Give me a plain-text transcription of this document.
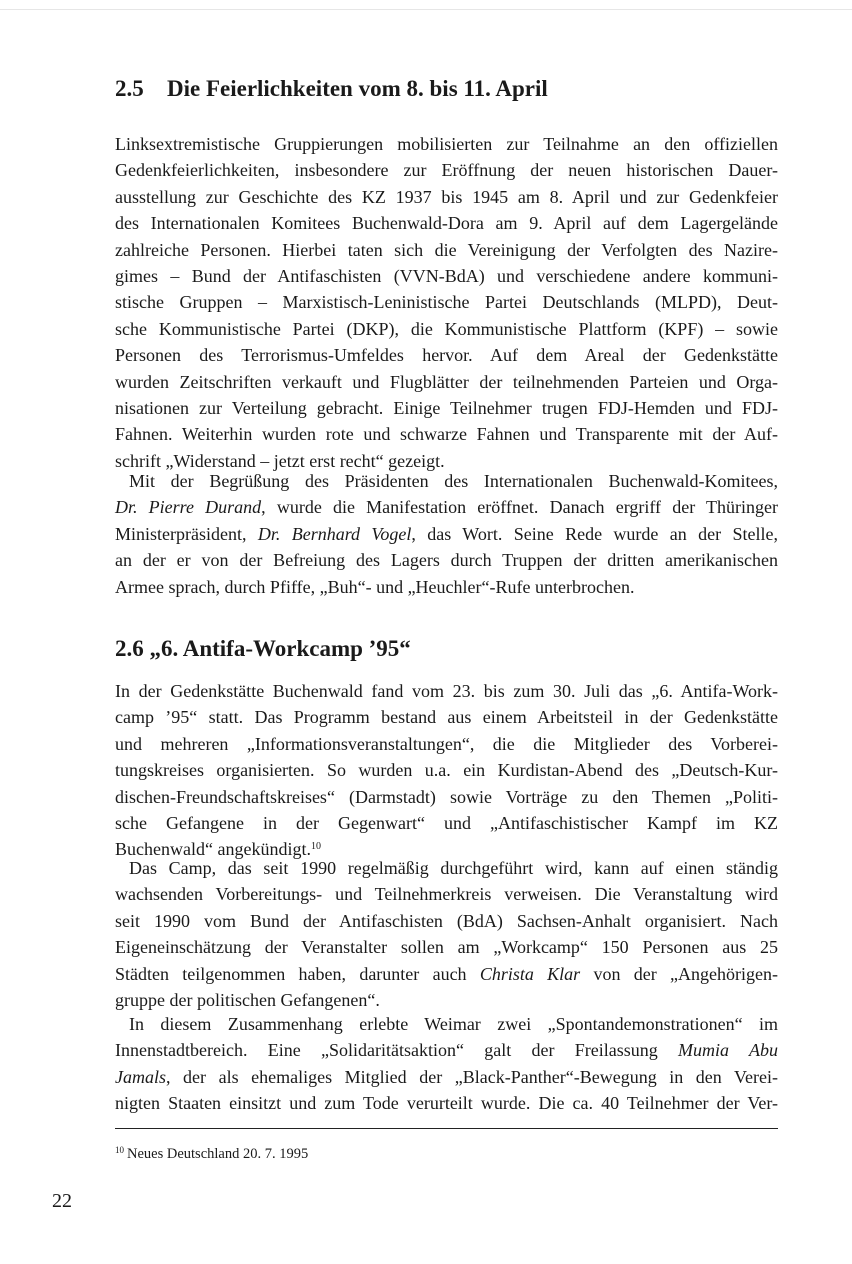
2.5 Die Feierlichkeiten vom 8. bis 11. April
Linksextremistische Gruppierungen mobilisierten zur Teilnahme an den offiziellen
Gedenkfeierlichkeiten, insbesondere zur Eröffnung der neuen historischen Dauer-
ausstellung zur Geschichte des KZ 1937 bis 1945 am 8. April und zur Gedenkfeier
des Internationalen Komitees Buchenwald-Dora am 9. April auf dem Lagergelände
zahlreiche Personen. Hierbei taten sich die Vereinigung der Verfolgten des Nazire-
gimes – Bund der Antifaschisten (VVN-BdA) und verschiedene andere kommuni-
stische Gruppen – Marxistisch-Leninistische Partei Deutschlands (MLPD), Deut-
sche Kommunistische Partei (DKP), die Kommunistische Plattform (KPF) – sowie
Personen des Terrorismus-Umfeldes hervor. Auf dem Areal der Gedenkstätte
wurden Zeitschriften verkauft und Flugblätter der teilnehmenden Parteien und Orga-
nisationen zur Verteilung gebracht. Einige Teilnehmer trugen FDJ-Hemden und FDJ-
Fahnen. Weiterhin wurden rote und schwarze Fahnen und Transparente mit der Auf-
schrift „Widerstand – jetzt erst recht“ gezeigt.
Mit der Begrüßung des Präsidenten des Internationalen Buchenwald-Komitees,
Dr. Pierre Durand, wurde die Manifestation eröffnet. Danach ergriff der Thüringer
Ministerpräsident, Dr. Bernhard Vogel, das Wort. Seine Rede wurde an der Stelle,
an der er von der Befreiung des Lagers durch Truppen der dritten amerikanischen
Armee sprach, durch Pfiffe, „Buh“- und „Heuchler“-Rufe unterbrochen.
2.6 „6. Antifa-Workcamp ’95“
In der Gedenkstätte Buchenwald fand vom 23. bis zum 30. Juli das „6. Antifa-Work-
camp ’95“ statt. Das Programm bestand aus einem Arbeitsteil in der Gedenkstätte
und mehreren „Informationsveranstaltungen“, die die Mitglieder des Vorberei-
tungskreises organisierten. So wurden u.a. ein Kurdistan-Abend des „Deutsch-Kur-
dischen-Freundschaftskreises“ (Darmstadt) sowie Vorträge zu den Themen „Politi-
sche Gefangene in der Gegenwart“ und „Antifaschistischer Kampf im KZ
Buchenwald“ angekündigt.$^{10}$
Das Camp, das seit 1990 regelmäßig durchgeführt wird, kann auf einen ständig
wachsenden Vorbereitungs- und Teilnehmerkreis verweisen. Die Veranstaltung wird
seit 1990 vom Bund der Antifaschisten (BdA) Sachsen-Anhalt organisiert. Nach
Eigeneinschätzung der Veranstalter sollen am „Workcamp“ 150 Personen aus 25
Städten teilgenommen haben, darunter auch Christa Klar von der „Angehörigen-
gruppe der politischen Gefangenen“.
In diesem Zusammenhang erlebte Weimar zwei „Spontandemonstrationen“ im
Innenstadtbereich. Eine „Solidaritätsaktion“ galt der Freilassung Mumia Abu
Jamals, der als ehemaliges Mitglied der „Black-Panther“-Bewegung in den Verei-
nigten Staaten einsitzt und zum Tode verurteilt wurde. Die ca. 40 Teilnehmer der Ver-

$^{10}$ Neues Deutschland 20. 7. 1995

22
